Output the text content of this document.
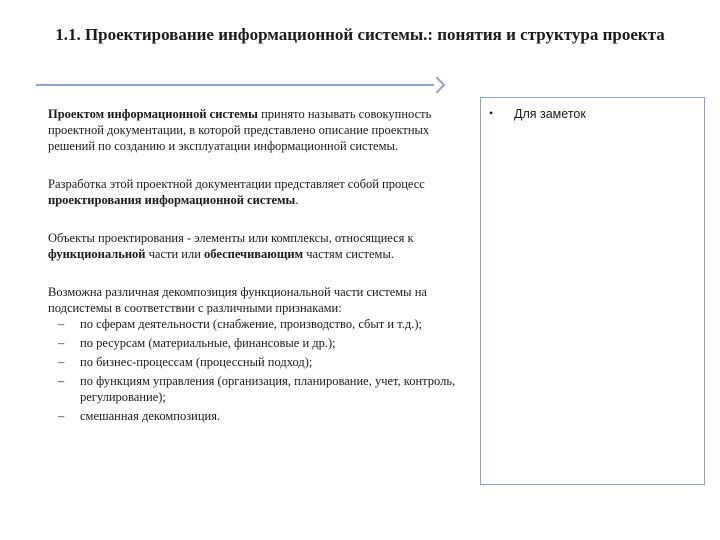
1.1. Проектирование информационной системы.: понятия и структура проекта

Проектом информационной системы принято называть совокупность проектной документации, в которой представлено описание проектных решений по созданию и эксплуатации информационной системы.

Разработка этой проектной документации представляет собой процесс проектирования информационной системы.

Объекты проектирования - элементы или комплексы, относящиеся к функциональной части или обеспечивающим частям системы.

Возможна различная декомпозиция функциональной части системы на подсистемы в соответствии с различными признаками:
– по сферам деятельности (снабжение, производство, сбыт и т.д.);
– по ресурсам (материальные, финансовые и др.);
– по бизнес-процессам (процессный подход);
– по функциям управления (организация, планирование, учет, контроль, регулирование);
– смешанная декомпозиция.
• Для заметок
